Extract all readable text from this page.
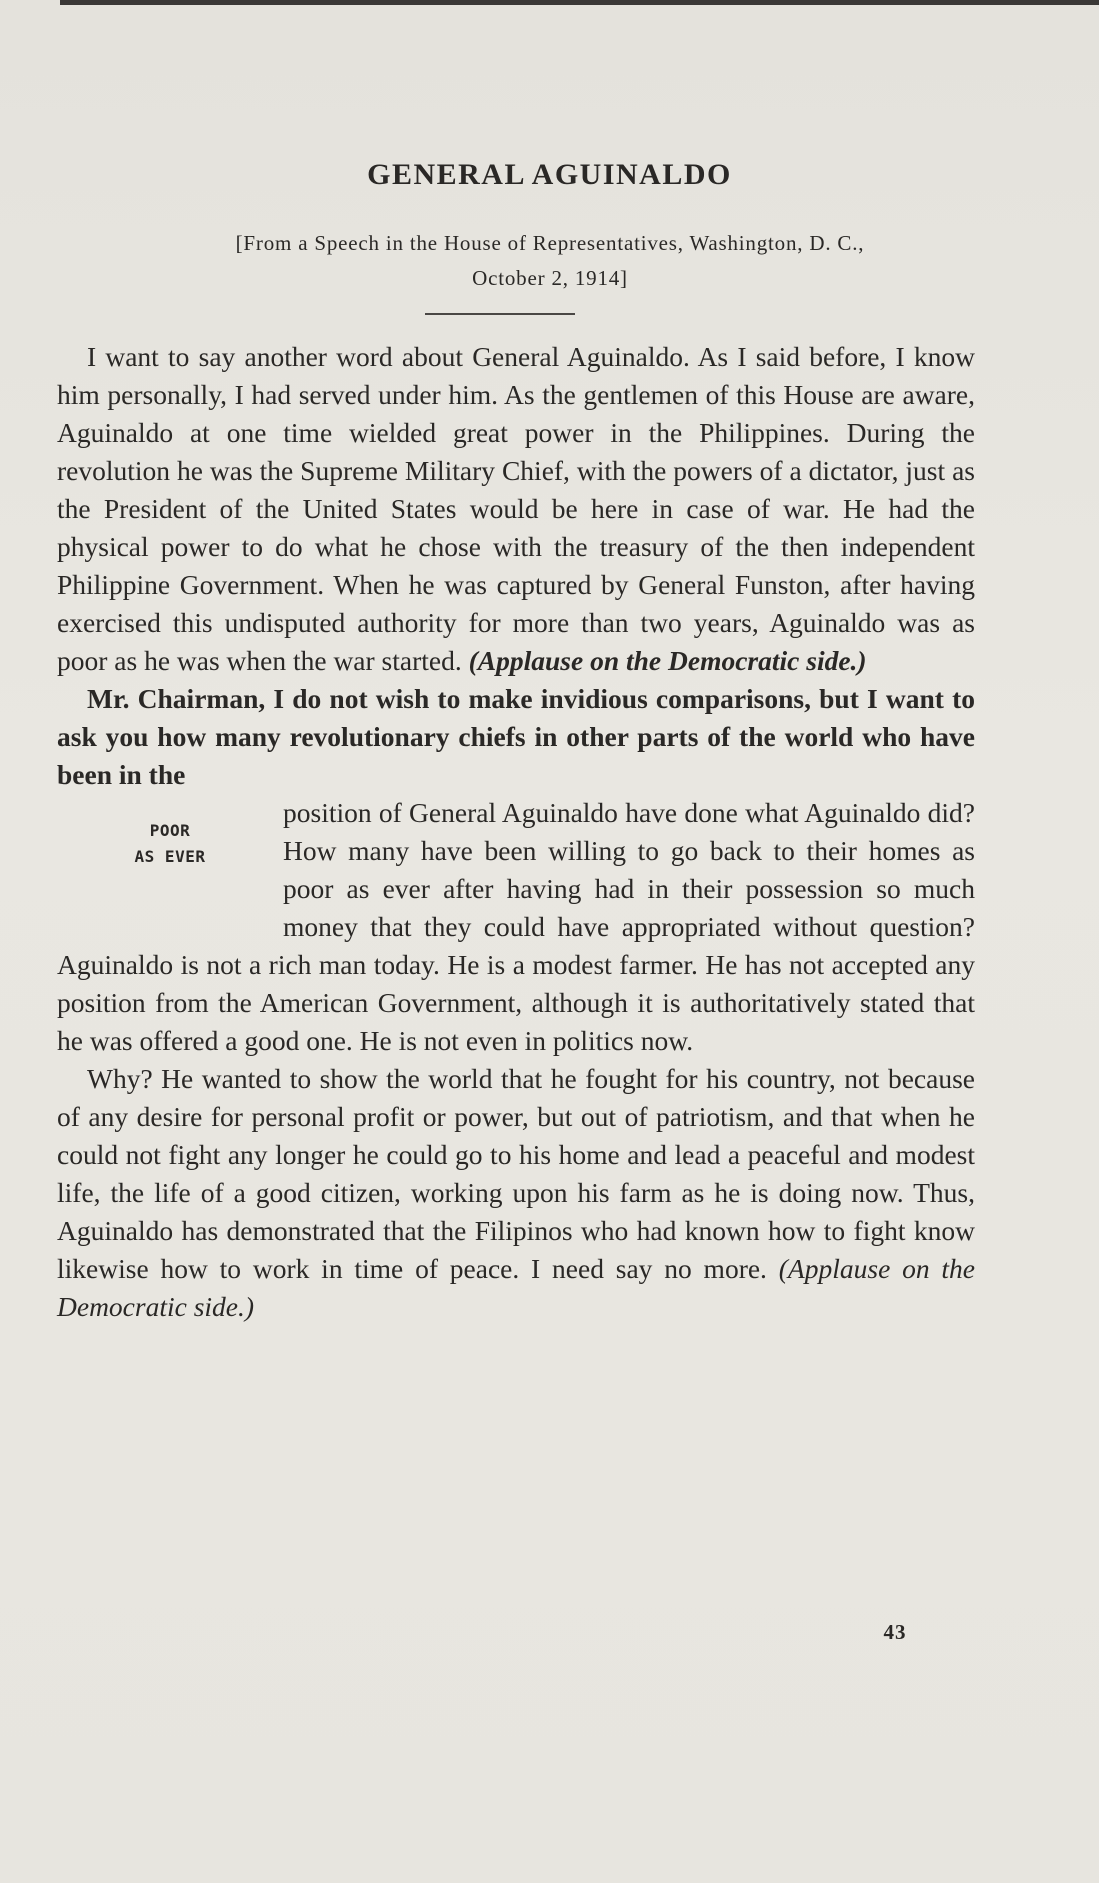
GENERAL AGUINALDO
[From a Speech in the House of Representatives, Washington, D. C.,
October 2, 1914]

I want to say another word about General Aguinaldo. As I said before, I know him personally, I had served under him. As the gentlemen of this House are aware, Aguinaldo at one time wielded great power in the Philippines. During the revolution he was the Supreme Military Chief, with the powers of a dictator, just as the President of the United States would be here in case of war. He had the physical power to do what he chose with the treasury of the then independent Philippine Government. When he was captured by General Funston, after having exercised this undisputed authority for more than two years, Aguinaldo was as poor as he was when the war started. (Applause on the Democratic side.)

Mr. Chairman, I do not wish to make invidious comparisons, but I want to ask you how many revolutionary chiefs in other parts of the world who have been in the

POOR
AS EVER

position of General Aguinaldo have done what Aguinaldo did? How many have been willing to go back to their homes as poor as ever after having had in their possession so much money that they could have appropriated without question? Aguinaldo is not a rich man today. He is a modest farmer. He has not accepted any position from the American Government, although it is authoritatively stated that he was offered a good one. He is not even in politics now.

Why? He wanted to show the world that he fought for his country, not because of any desire for personal profit or power, but out of patriotism, and that when he could not fight any longer he could go to his home and lead a peaceful and modest life, the life of a good citizen, working upon his farm as he is doing now. Thus, Aguinaldo has demonstrated that the Filipinos who had known how to fight know likewise how to work in time of peace. I need say no more. (Applause on the Democratic side.)

43
